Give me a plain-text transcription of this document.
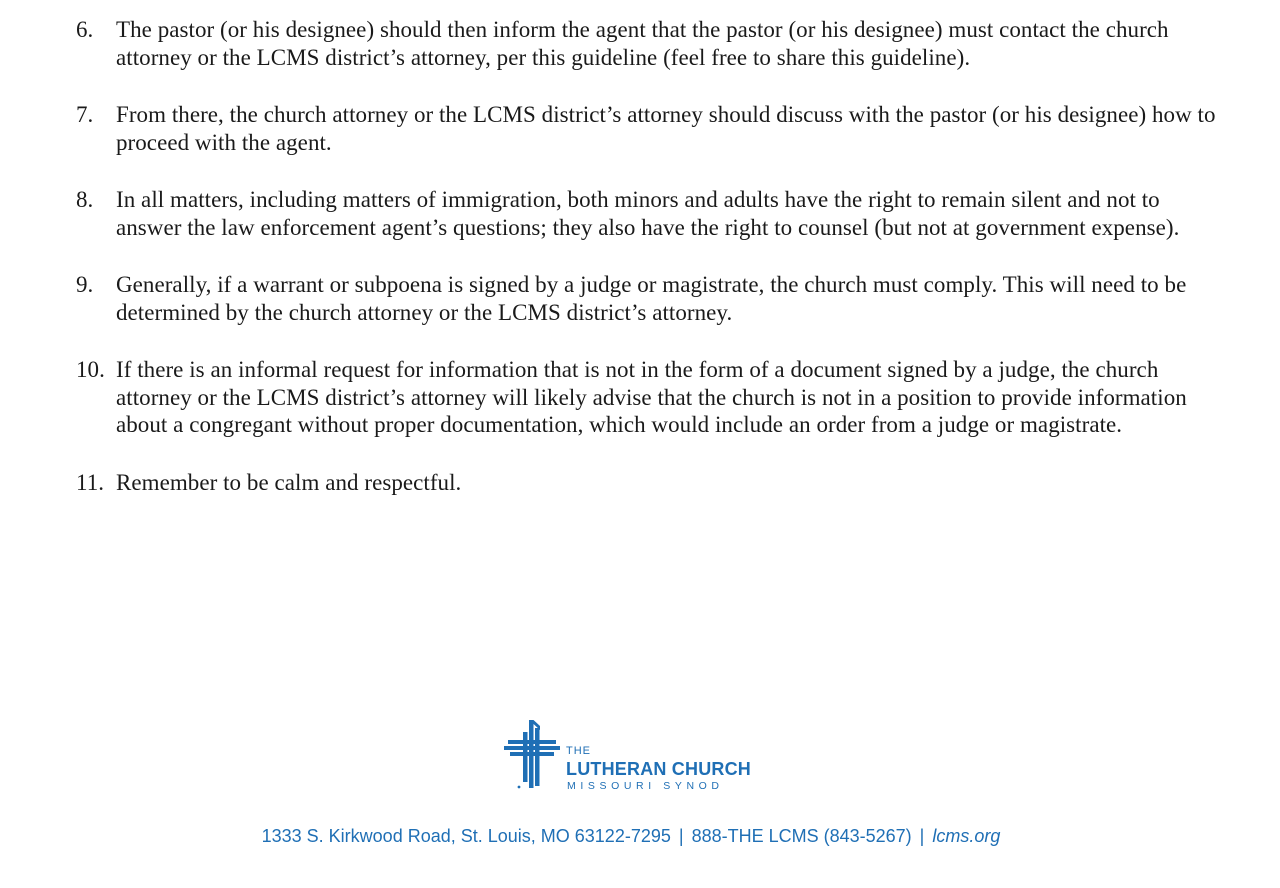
6. The pastor (or his designee) should then inform the agent that the pastor (or his designee) must contact the church attorney or the LCMS district’s attorney, per this guideline (feel free to share this guideline).
7. From there, the church attorney or the LCMS district’s attorney should discuss with the pastor (or his designee) how to proceed with the agent.
8. In all matters, including matters of immigration, both minors and adults have the right to remain silent and not to answer the law enforcement agent’s questions; they also have the right to counsel (but not at government expense).
9. Generally, if a warrant or subpoena is signed by a judge or magistrate, the church must comply. This will need to be determined by the church attorney or the LCMS district’s attorney.
10. If there is an informal request for information that is not in the form of a document signed by a judge, the church attorney or the LCMS district’s attorney will likely advise that the church is not in a position to provide information about a congregant without proper documentation, which would include an order from a judge or magistrate.
11. Remember to be calm and respectful.
THE
LUTHERAN CHURCH
MISSOURI SYNOD
1333 S. Kirkwood Road, St. Louis, MO 63122-7295 | 888-THE LCMS (843-5267) | lcms.org
